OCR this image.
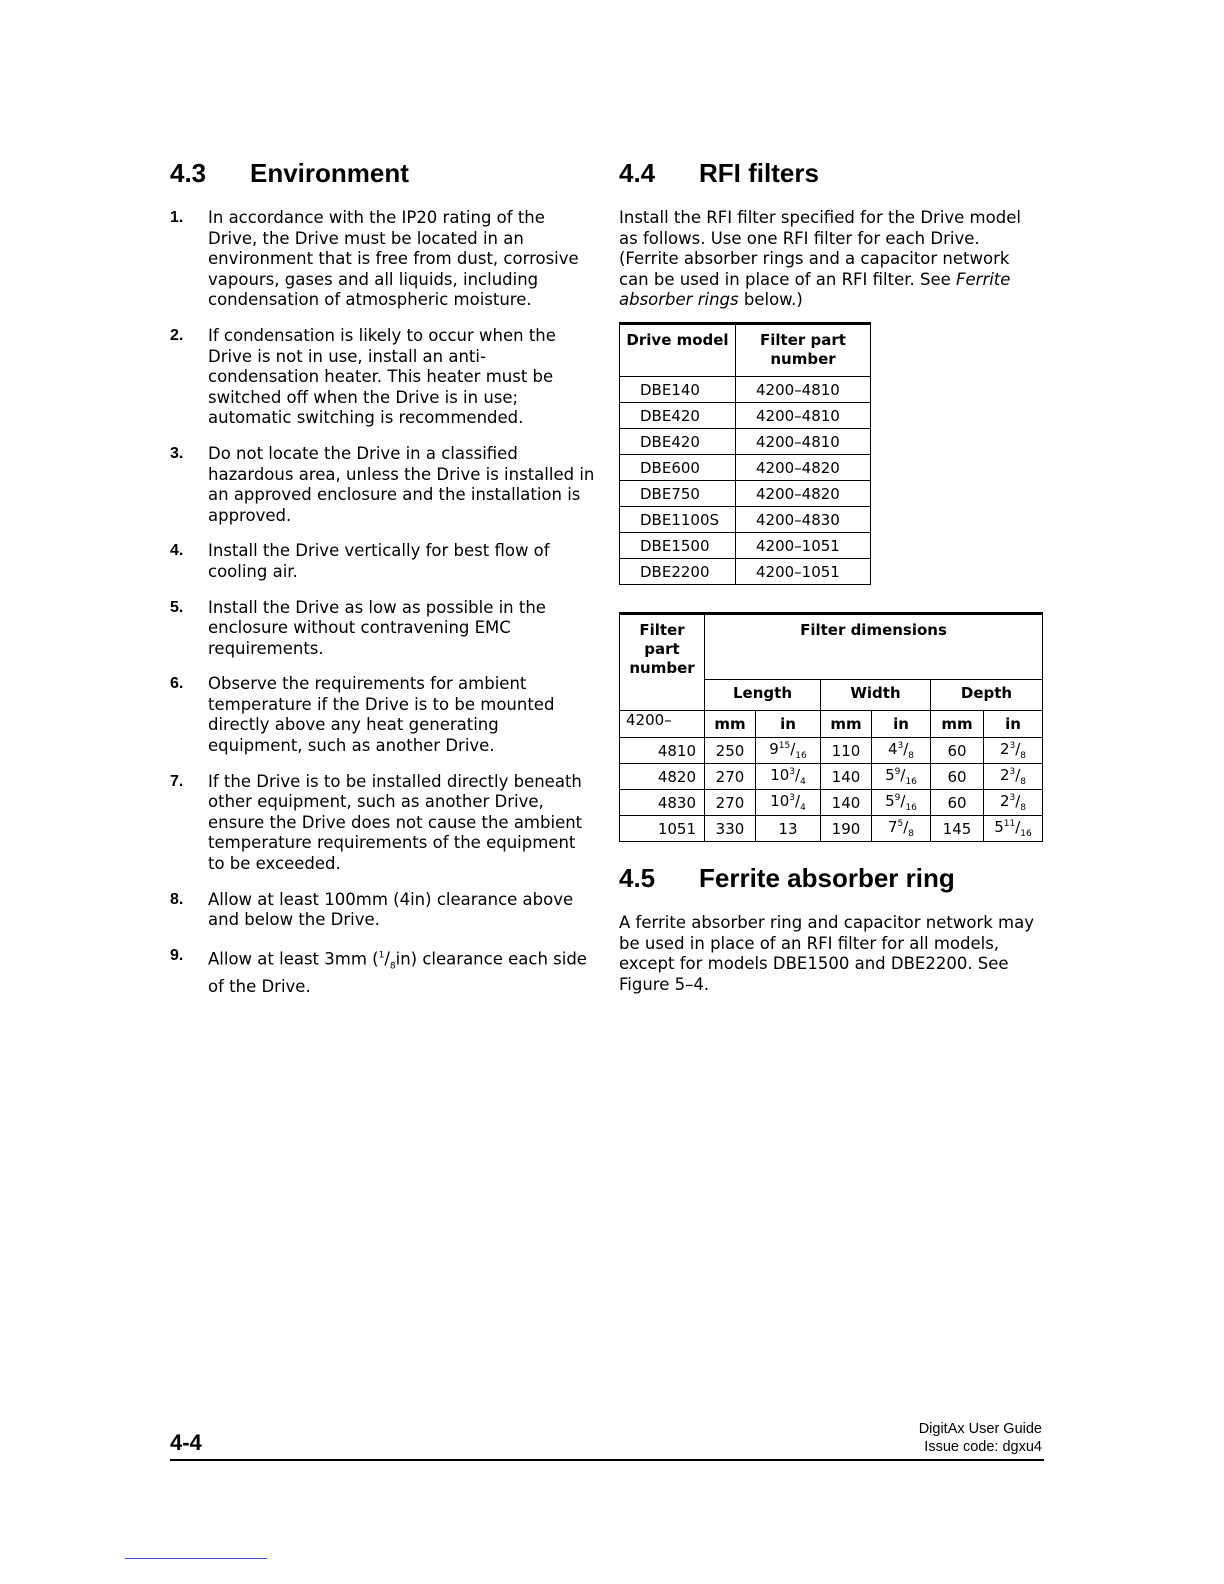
4.3 Environment
1. In accordance with the IP20 rating of the Drive, the Drive must be located in an environment that is free from dust, corrosive vapours, gases and all liquids, including condensation of atmospheric moisture.
2. If condensation is likely to occur when the Drive is not in use, install an anti-condensation heater. This heater must be switched off when the Drive is in use; automatic switching is recommended.
3. Do not locate the Drive in a classified hazardous area, unless the Drive is installed in an approved enclosure and the installation is approved.
4. Install the Drive vertically for best flow of cooling air.
5. Install the Drive as low as possible in the enclosure without contravening EMC requirements.
6. Observe the requirements for ambient temperature if the Drive is to be mounted directly above any heat generating equipment, such as another Drive.
7. If the Drive is to be installed directly beneath other equipment, such as another Drive, ensure the Drive does not cause the ambient temperature requirements of the equipment to be exceeded.
8. Allow at least 100mm (4in) clearance above and below the Drive.
9. Allow at least 3mm $(^1/_8in)$ clearance each side of the Drive.
4.4 RFI filters

Install the RFI filter specified for the Drive model as follows. Use one RFI filter for each Drive. (Ferrite absorber rings and a capacitor network can be used in place of an RFI filter. See Ferrite absorber rings below.)

Drive model	Filter part number
DBE140	4200–4810
DBE420	4200–4810
DBE420	4200–4810
DBE600	4200–4820
DBE750	4200–4820
DBE1100S	4200–4830
DBE1500	4200–1051
DBE2200	4200–1051
Filter part number	Filter dimensions					
	Length		Width		Depth	
4200–	mm	in	mm	in	mm	in
4810	250	$9^{15}/_{16}$	110	$4^3/_8$	60	$2^3/_8$
4820	270	$10^3/_4$	140	$5^9/_{16}$	60	$2^3/_8$
4830	270	$10^3/_4$	140	$5^9/_{16}$	60	$2^3/_8$
1051	330	13	190	$7^5/_8$	145	$5^{11}/_{16}$
4.5 Ferrite absorber ring

A ferrite absorber ring and capacitor network may be used in place of an RFI filter for all models, except for models DBE1500 and DBE2200. See Figure 5–4.

DigitAx User Guide
Issue code: dgxu4
4-4
